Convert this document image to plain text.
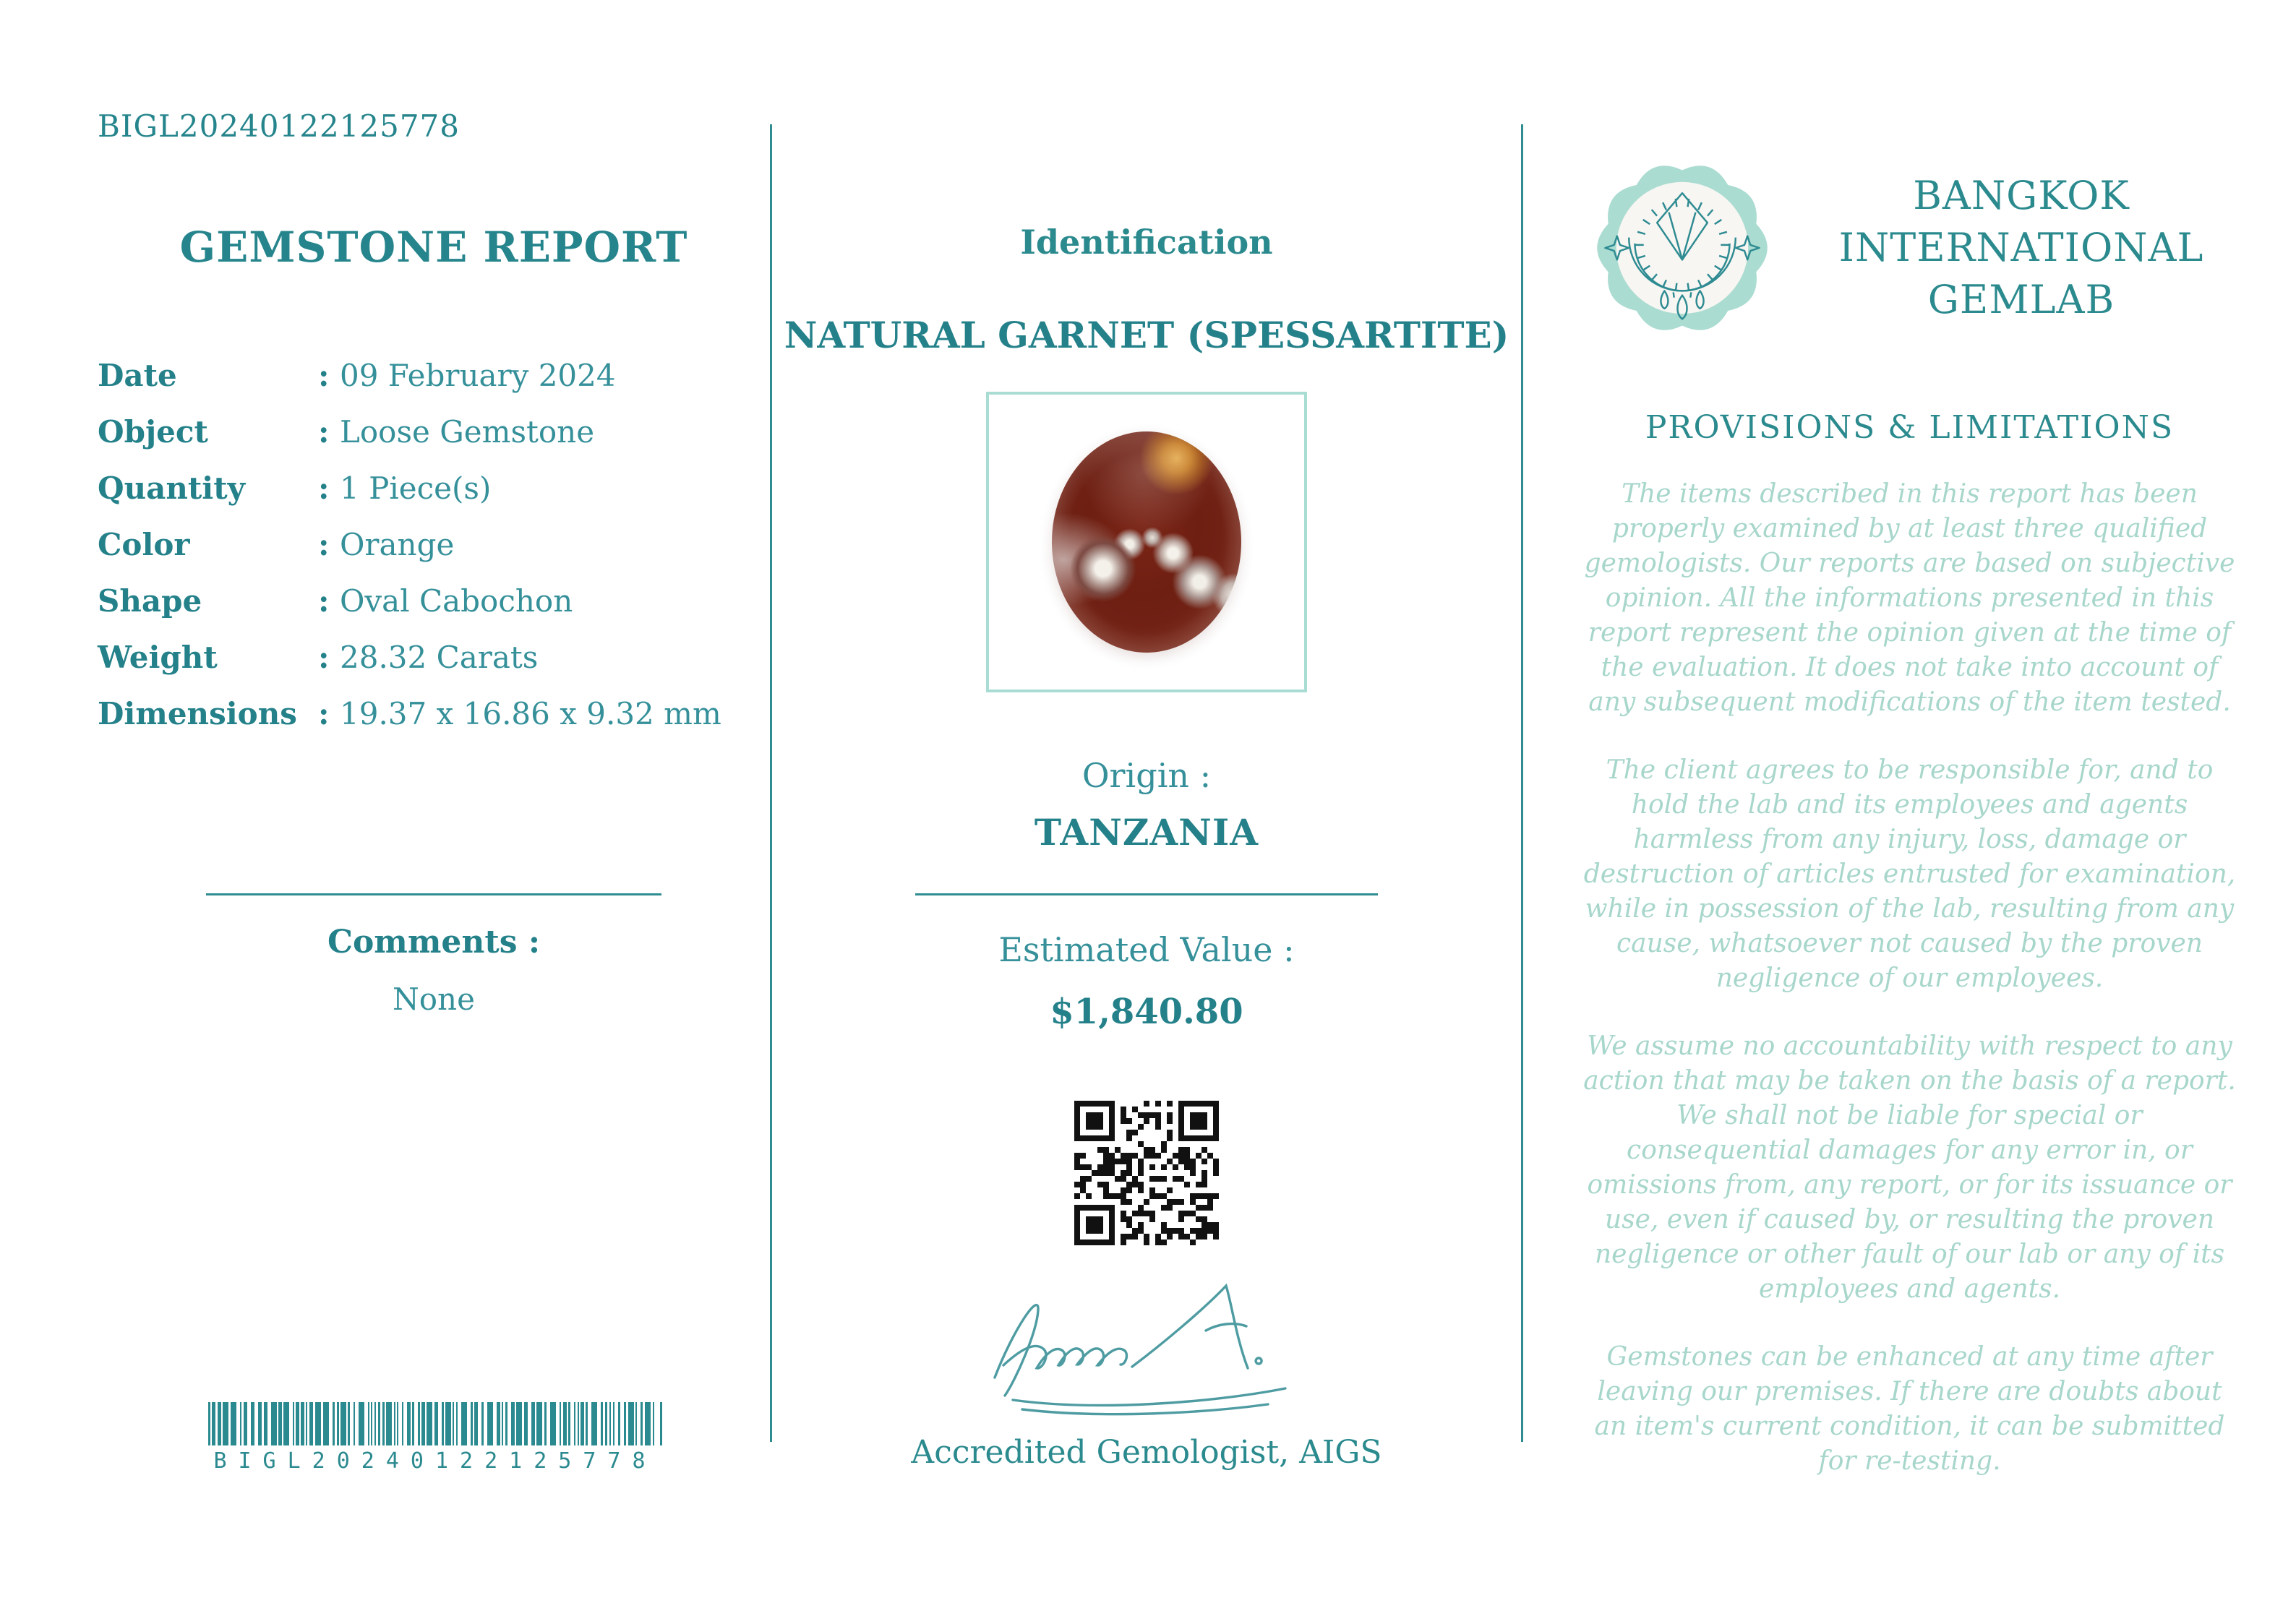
BIGL20240122125778
GEMSTONE REPORT
Date	: 09 February 2024
Object	: Loose Gemstone
Quantity	: 1 Piece(s)
Color	: Orange
Shape	: Oval Cabochon
Weight	: 28.32 Carats
Dimensions : 19.37 x 16.86 x 9.32 mm
Comments :
None
Identification
NATURAL GARNET (SPESSARTITE)
Origin :
TANZANIA
Estimated Value :
$1,840.80
Accredited Gemologist, AIGS
BANGKOK
INTERNATIONAL
GEMLAB
PROVISIONS & LIMITATIONS

The items described in this report has been properly examined by at least three qualified gemologists. Our reports are based on subjective opinion. All the informations presented in this report represent the opinion given at the time of the evaluation. It does not take into account of any subsequent modifications of the item tested.

The client agrees to be responsible for, and to hold the lab and its employees and agents harmless from any injury, loss, damage or destruction of articles entrusted for examination, while in possession of the lab, resulting from any cause, whatsoever not caused by the proven negligence of our employees.

We assume no accountability with respect to any action that may be taken on the basis of a report. We shall not be liable for special or consequential damages for any error in, or omissions from, any report, or for its issuance or use, even if caused by, or resulting the proven negligence or other fault of our lab or any of its employees and agents.

Gemstones can be enhanced at any time after leaving our premises. If there are doubts about an item's current condition, it can be submitted for re-testing.

BIGL20240122125778
